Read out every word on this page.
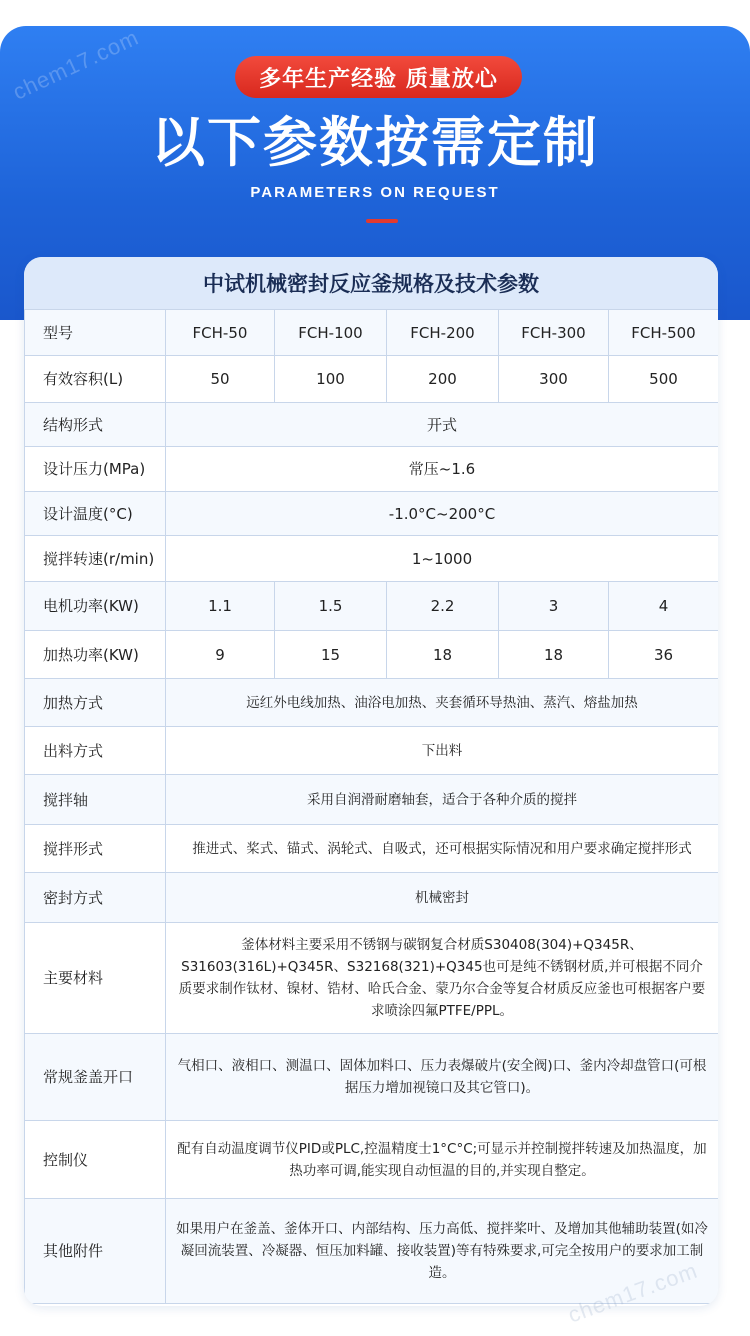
chem17.com	多年生产经验 质量放心
以下参数按需定制
PARAMETERS ON REQUEST
中试机械密封反应釜规格及技术参数
型号	FCH-50	FCH-100	FCH-200	FCH-300	FCH-500
有效容积(L)	50	100	200	300	500
结构形式	开式				
设计压力(MPa)	常压~1.6				
设计温度(°C)	-1.0°C~200°C				
搅拌转速(r/min)	1~1000				
电机功率(KW)	1.1	1.5	2.2	3	4
加热功率(KW)	9	15	18	18	36
加热方式	远红外电线加热、油浴电加热、夹套循环导热油、蒸汽、熔盐加热				
出料方式	下出料				
搅拌轴	采用自润滑耐磨轴套，适合于各种介质的搅拌				
搅拌形式	推进式、桨式、锚式、涡轮式、自吸式，还可根据实际情况和用户要求确定搅拌形式				
密封方式	机械密封				
主要材料	釜体材料主要采用不锈钢与碳钢复合材质S30408(304)+Q345R、S31603(316L)+Q345R、S32168(321)+Q345也可是纯不锈钢材质,并可根据不同介质要求制作钛材、镍材、锆材、哈氏合金、蒙乃尔合金等复合材质反应釜也可根据客户要求喷涂四氟PTFE/PPL。				
常规釜盖开口	气相口、液相口、测温口、固体加料口、压力表爆破片(安全阀)口、釜内冷却盘管口(可根据压力增加视镜口及其它管口)。				
控制仪	配有自动温度调节仪PID或PLC,控温精度士1°C°C;可显示并控制搅拌转速及加热温度，加热功率可调,能实现自动恒温的目的,并实现自整定。				
其他附件	如果用户在釜盖、釜体开口、内部结构、压力高低、搅拌桨叶、及增加其他辅助装置(如冷凝回流装置、冷凝器、恒压加料罐、接收装置)等有特殊要求,可完全按用户的要求加工制造。					chem17.com
